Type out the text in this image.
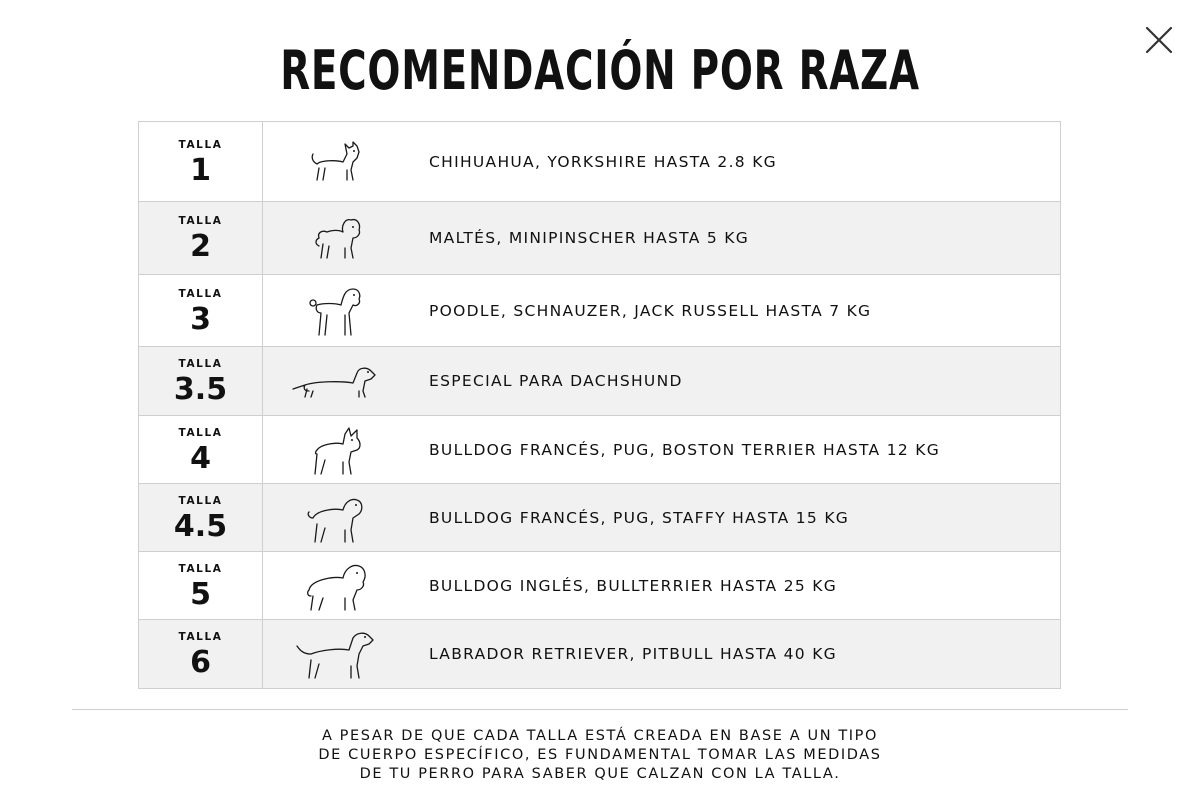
RECOMENDACIÓN POR RAZA
TALLA
1	CHIHUAHUA, YORKSHIRE HASTA 2.8 KG
TALLA
2	MALTÉS, MINIPINSCHER HASTA 5 KG
TALLA
3	POODLE, SCHNAUZER, JACK RUSSELL HASTA 7 KG
TALLA
3.5	ESPECIAL PARA DACHSHUND
TALLA
4	BULLDOG FRANCÉS, PUG, BOSTON TERRIER HASTA 12 KG
TALLA
4.5	BULLDOG FRANCÉS, PUG, STAFFY HASTA 15 KG
TALLA
5	BULLDOG INGLÉS, BULLTERRIER HASTA 25 KG
TALLA
6	LABRADOR RETRIEVER, PITBULL HASTA 40 KG

A PESAR DE QUE CADA TALLA ESTÁ CREADA EN BASE A UN TIPO
DE CUERPO ESPECÍFICO, ES FUNDAMENTAL TOMAR LAS MEDIDAS
DE TU PERRO PARA SABER QUE CALZAN CON LA TALLA.
